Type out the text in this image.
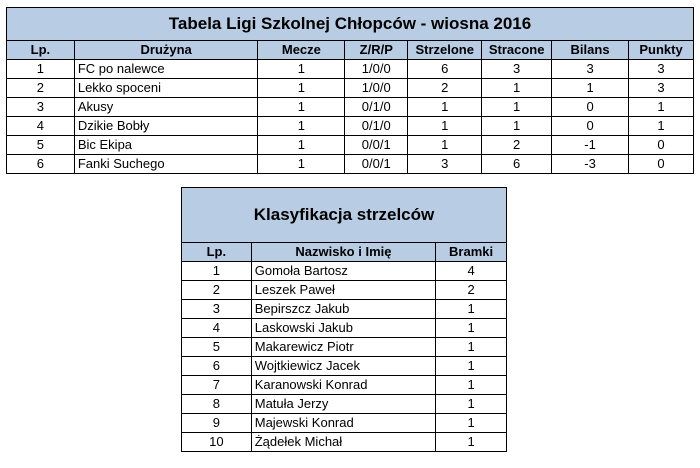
Tabela Ligi Szkolnej Chłopców - wiosna 2016							
Lp.	Drużyna	Mecze	Z/R/P	Strzelone	Stracone	Bilans	Punkty
1	FC po nalewce	1	1/0/0	6	3	3	3
2	Lekko spoceni	1	1/0/0	2	1	1	3
3	Akusy	1	0/1/0	1	1	0	1
4	Dzikie Bobły	1	0/1/0	1	1	0	1
5	Bic Ekipa	1	0/0/1	1	2	-1	0
6	Fanki Suchego	1	0/0/1	3	6	-3	0
Klasyfikacja strzelców		
Lp.	Nazwisko i Imię	Bramki
1	Gomoła Bartosz	4
2	Leszek Paweł	2
3	Bepirszcz Jakub	1
4	Laskowski Jakub	1
5	Makarewicz Piotr	1
6	Wojtkiewicz Jacek	1
7	Karanowski Konrad	1
8	Matuła Jerzy	1
9	Majewski Konrad	1
10	Żądełek Michał	1
